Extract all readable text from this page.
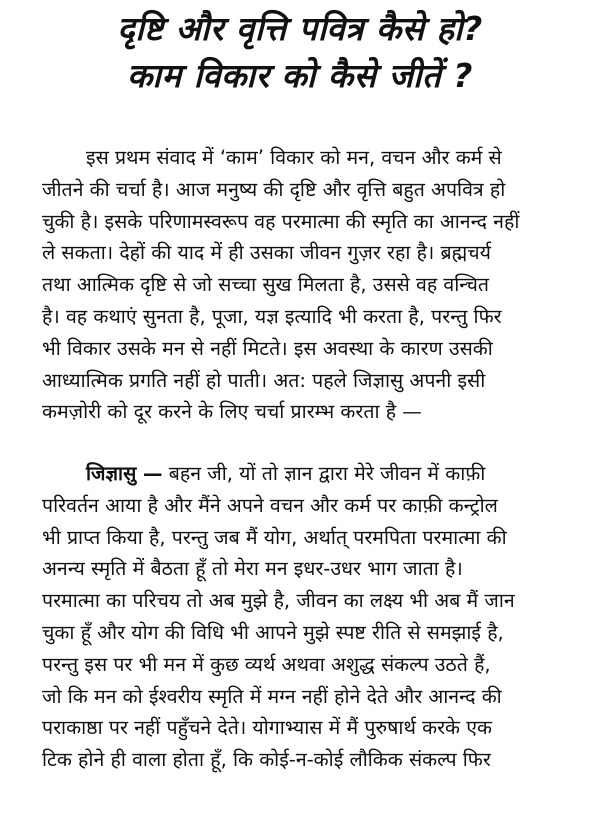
दृष्टि और वृत्ति पवित्र कैसे हो?
काम विकार को कैसे जीतें ?
इस प्रथम संवाद में ‘काम’ विकार को मन, वचन और कर्म से
जीतने की चर्चा है। आज मनुष्य की दृष्टि और वृत्ति बहुत अपवित्र हो
चुकी है। इसके परिणामस्वरूप वह परमात्मा की स्मृति का आनन्द नहीं
ले सकता। देहों की याद में ही उसका जीवन गुज़र रहा है। ब्रह्मचर्य
तथा आत्मिक दृष्टि से जो सच्चा सुख मिलता है, उससे वह वन्चित
है। वह कथाएं सुनता है, पूजा, यज्ञ इत्यादि भी करता है, परन्तु फिर
भी विकार उसके मन से नहीं मिटते। इस अवस्था के कारण उसकी
आध्यात्मिक प्रगति नहीं हो पाती। अत: पहले जिज्ञासु अपनी इसी
कमज़ोरी को दूर करने के लिए चर्चा प्रारम्भ करता है —
जिज्ञासु — बहन जी, यों तो ज्ञान द्वारा मेरे जीवन में काफ़ी
परिवर्तन आया है और मैंने अपने वचन और कर्म पर काफ़ी कन्ट्रोल
भी प्राप्त किया है, परन्तु जब मैं योग, अर्थात् परमपिता परमात्मा की
अनन्य स्मृति में बैठता हूँ तो मेरा मन इधर-उधर भाग जाता है।
परमात्मा का परिचय तो अब मुझे है, जीवन का लक्ष्य भी अब मैं जान
चुका हूँ और योग की विधि भी आपने मुझे स्पष्ट रीति से समझाई है,
परन्तु इस पर भी मन में कुछ व्यर्थ अथवा अशुद्ध संकल्प उठते हैं,
जो कि मन को ईश्वरीय स्मृति में मग्न नहीं होने देते और आनन्द की
पराकाष्ठा पर नहीं पहुँचने देते। योगाभ्यास में मैं पुरुषार्थ करके एक
टिक होने ही वाला होता हूँ, कि कोई-न-कोई लौकिक संकल्प फिर
